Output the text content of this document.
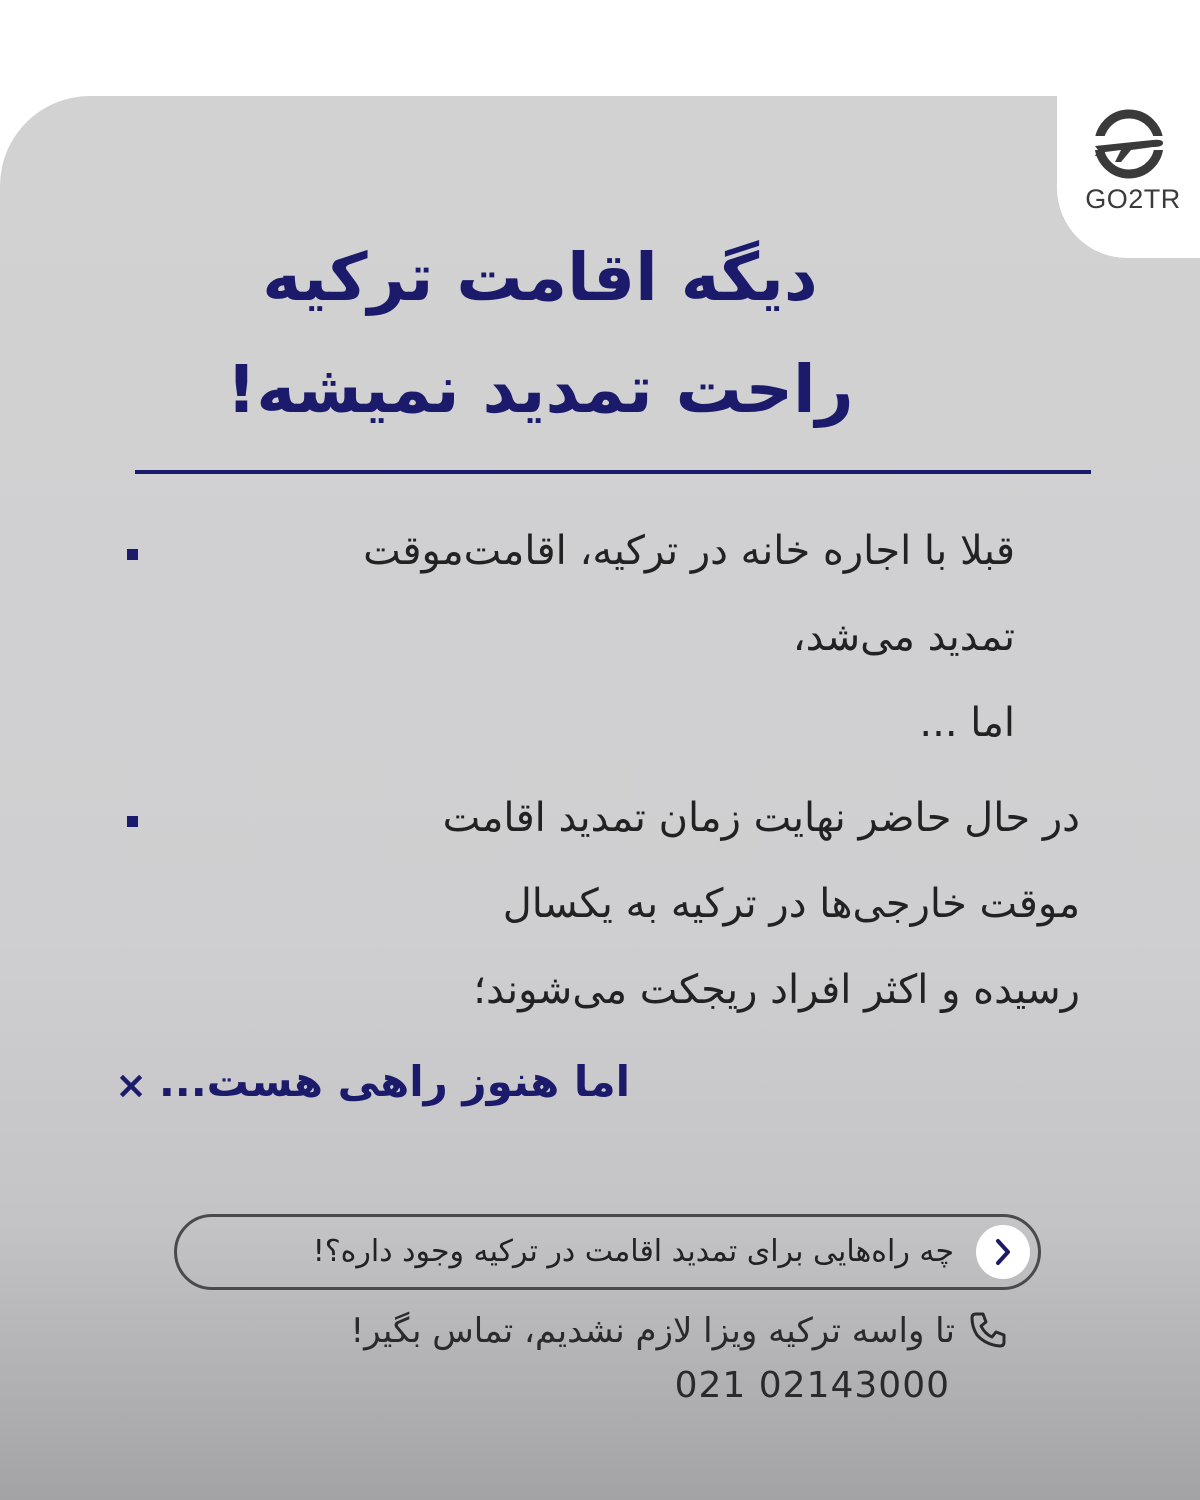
GO2TR
دیگه اقامت ترکیه
راحت تمدید نمیشه!
قبلا با اجاره خانه در ترکیه، اقامت‌موقت
تمدید می‌شد،
اما ...
در حال حاضر نهایت زمان تمدید اقامت
موقت خارجی‌ها در ترکیه به یکسال
رسیده و اکثر افراد ریجکت می‌شوند؛
اما هنوز راهی هست...
×
چه راه‌هایی برای تمدید اقامت در ترکیه وجود داره؟!
تا واسه ترکیه ویزا لازم نشدیم، تماس بگیر!
021 02143000
